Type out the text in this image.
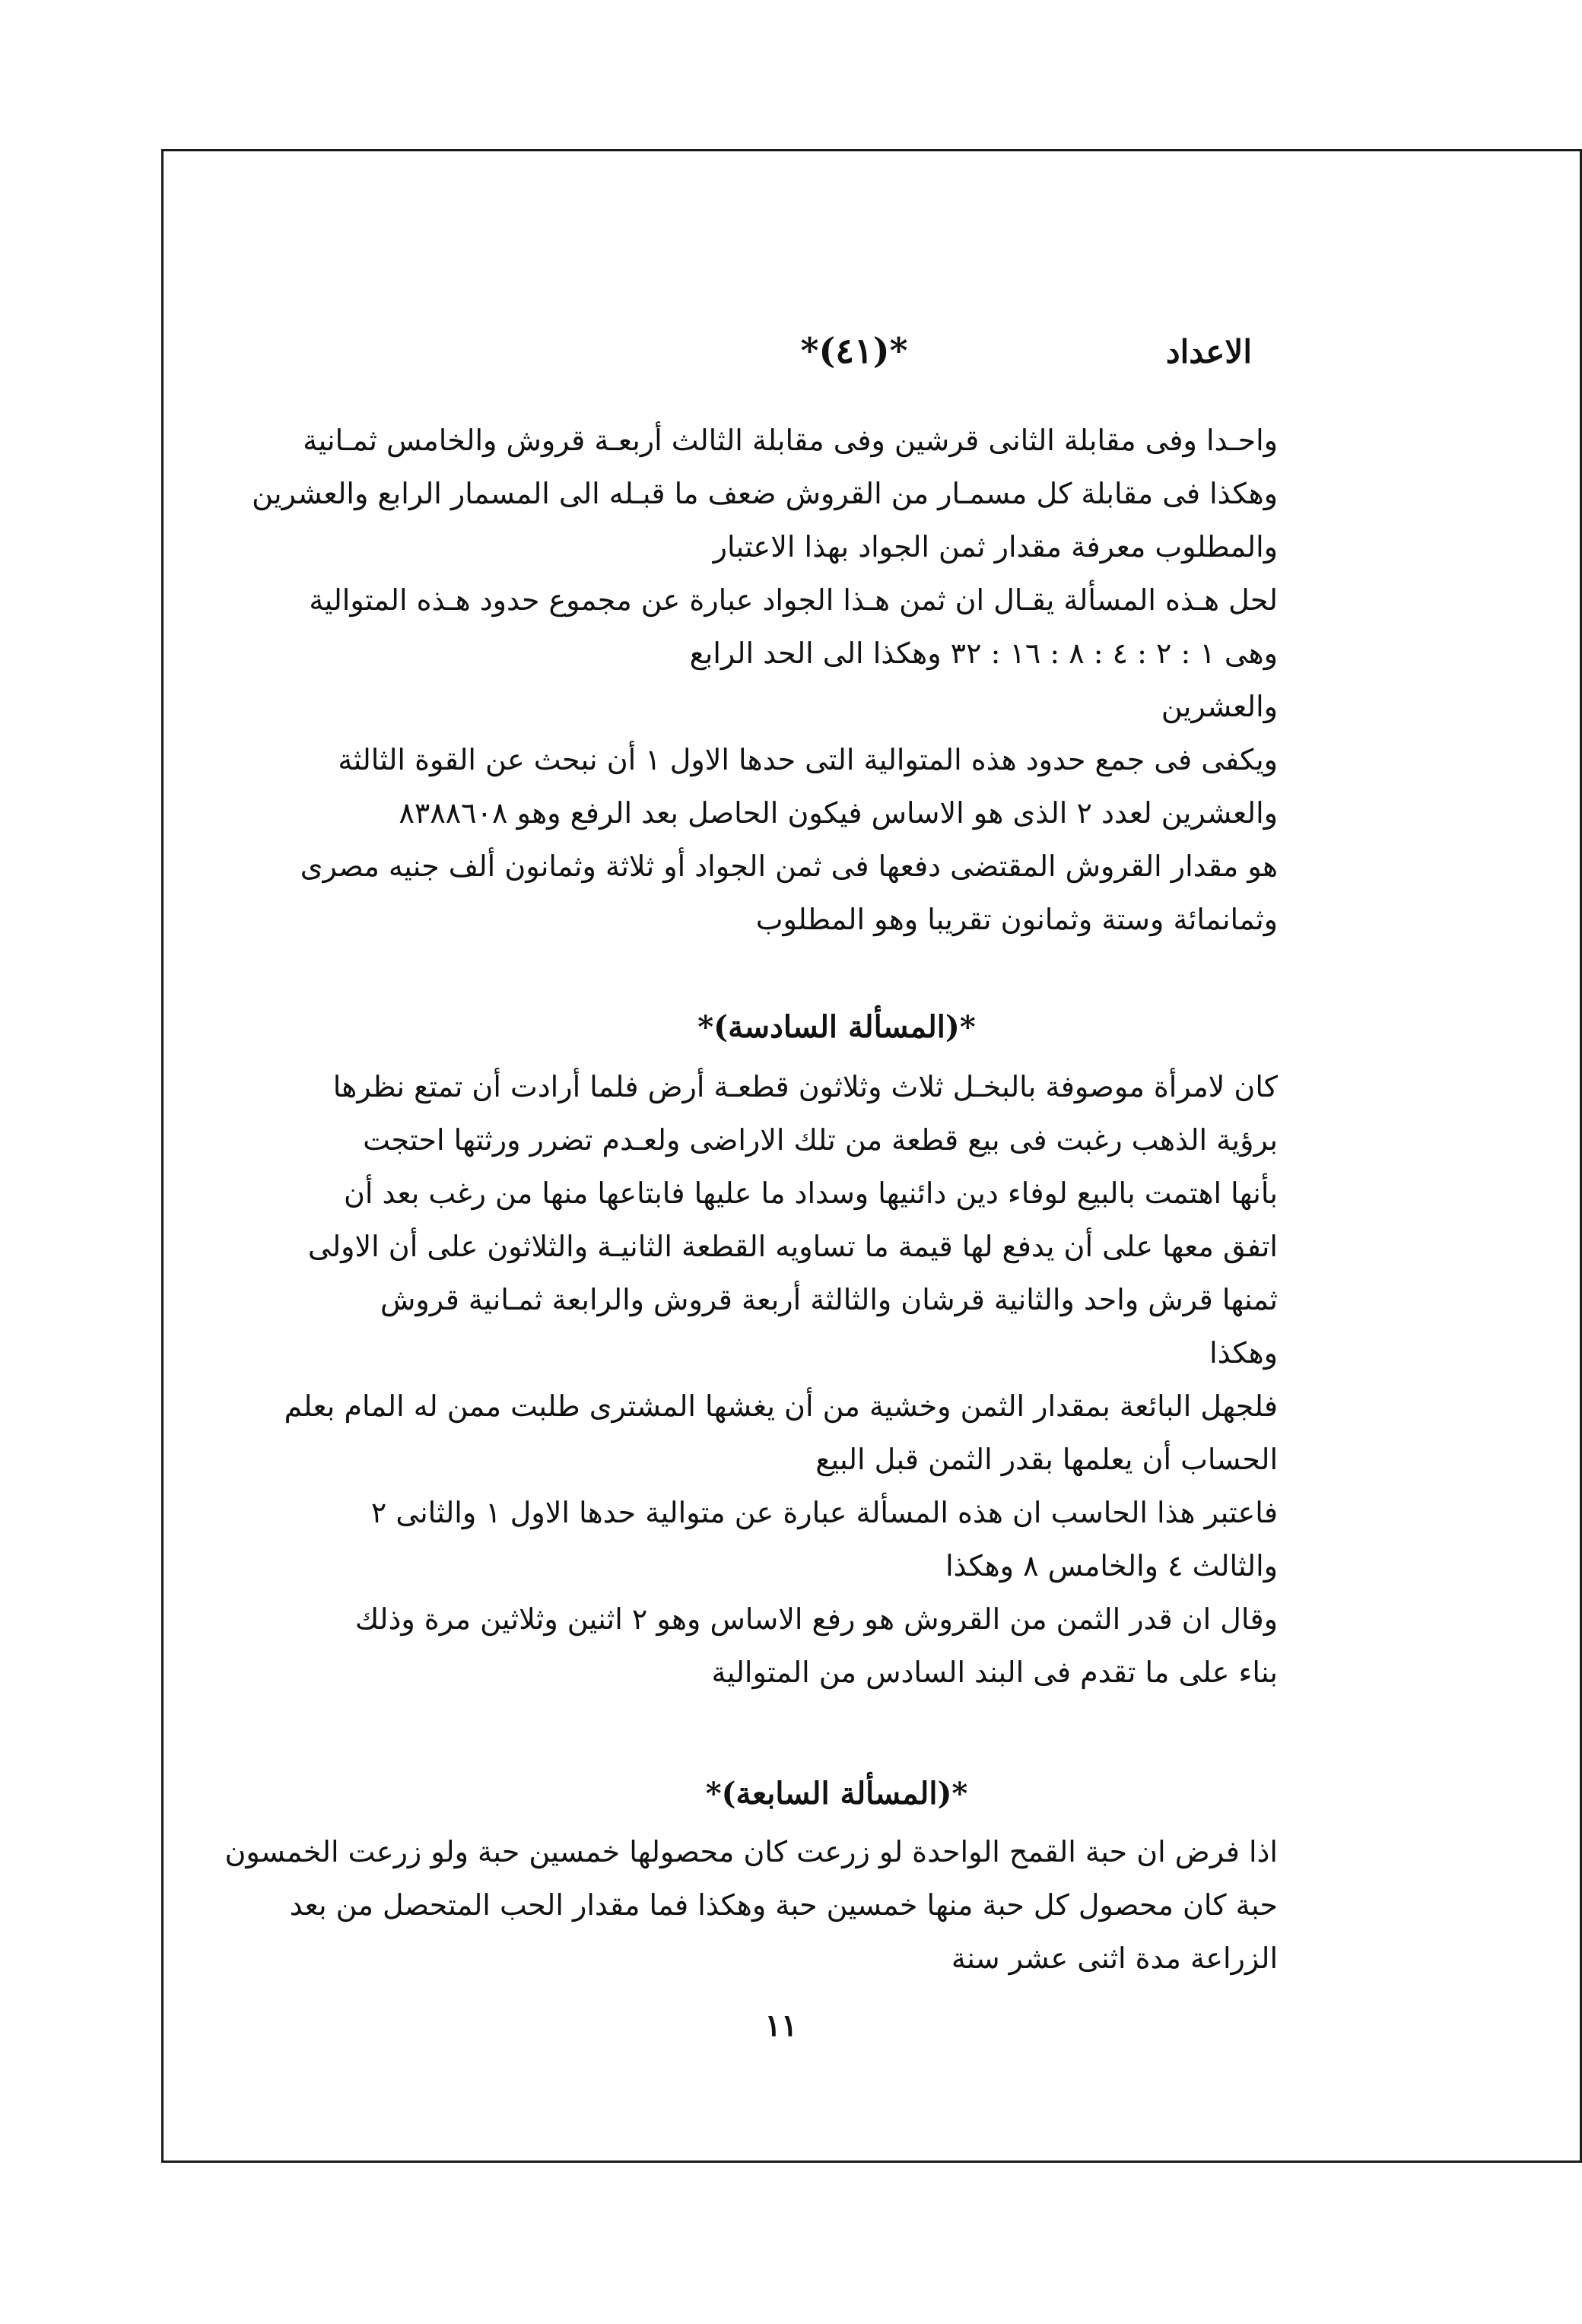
الاعداد
*(٤١)*
واحـدا وفى مقابلة الثانى قرشين وفى مقابلة الثالث أربعـة قروش والخامس ثمـانية
وهكذا فى مقابلة كل مسمـار من القروش ضعف ما قبـله الى المسمار الرابع والعشرين
والمطلوب معرفة مقدار ثمن الجواد بهذا الاعتبار
لحل هـذه المسألة يقـال ان ثمن هـذا الجواد عبارة عن مجموع حدود هـذه المتوالية
وهى ١ : ٢ : ٤ : ٨ : ١٦ : ٣٢ وهكذا الى الحد الرابع
والعشرين
ويكفى فى جمع حدود هذه المتوالية التى حدها الاول ١ أن نبحث عن القوة الثالثة
والعشرين لعدد ٢ الذى هو الاساس فيكون الحاصل بعد الرفع وهو ٨٣٨٨٦٠٨
هو مقدار القروش المقتضى دفعها فى ثمن الجواد أو ثلاثة وثمانون ألف جنيه مصرى
وثمانمائة وستة وثمانون تقريبا وهو المطلوب
*(المسألة السادسة)*
كان لامرأة موصوفة بالبخـل ثلاث وثلاثون قطعـة أرض فلما أرادت أن تمتع نظرها
برؤية الذهب رغبت فى بيع قطعة من تلك الاراضى ولعـدم تضرر ورثتها احتجت
بأنها اهتمت بالبيع لوفاء دين دائنيها وسداد ما عليها فابتاعها منها من رغب بعد أن
اتفق معها على أن يدفع لها قيمة ما تساويه القطعة الثانيـة والثلاثون على أن الاولى
ثمنها قرش واحد والثانية قرشان والثالثة أربعة قروش والرابعة ثمـانية قروش
وهكذا
فلجهل البائعة بمقدار الثمن وخشية من أن يغشها المشترى طلبت ممن له المام بعلم
الحساب أن يعلمها بقدر الثمن قبل البيع
فاعتبر هذا الحاسب ان هذه المسألة عبارة عن متوالية حدها الاول ١ والثانى ٢
والثالث ٤ والخامس ٨ وهكذا
وقال ان قدر الثمن من القروش هو رفع الاساس وهو ٢ اثنين وثلاثين مرة وذلك
بناء على ما تقدم فى البند السادس من المتوالية
*(المسألة السابعة)*
اذا فرض ان حبة القمح الواحدة لو زرعت كان محصولها خمسين حبة ولو زرعت الخمسون
حبة كان محصول كل حبة منها خمسين حبة وهكذا فما مقدار الحب المتحصل من بعد
الزراعة مدة اثنى عشر سنة
١١
